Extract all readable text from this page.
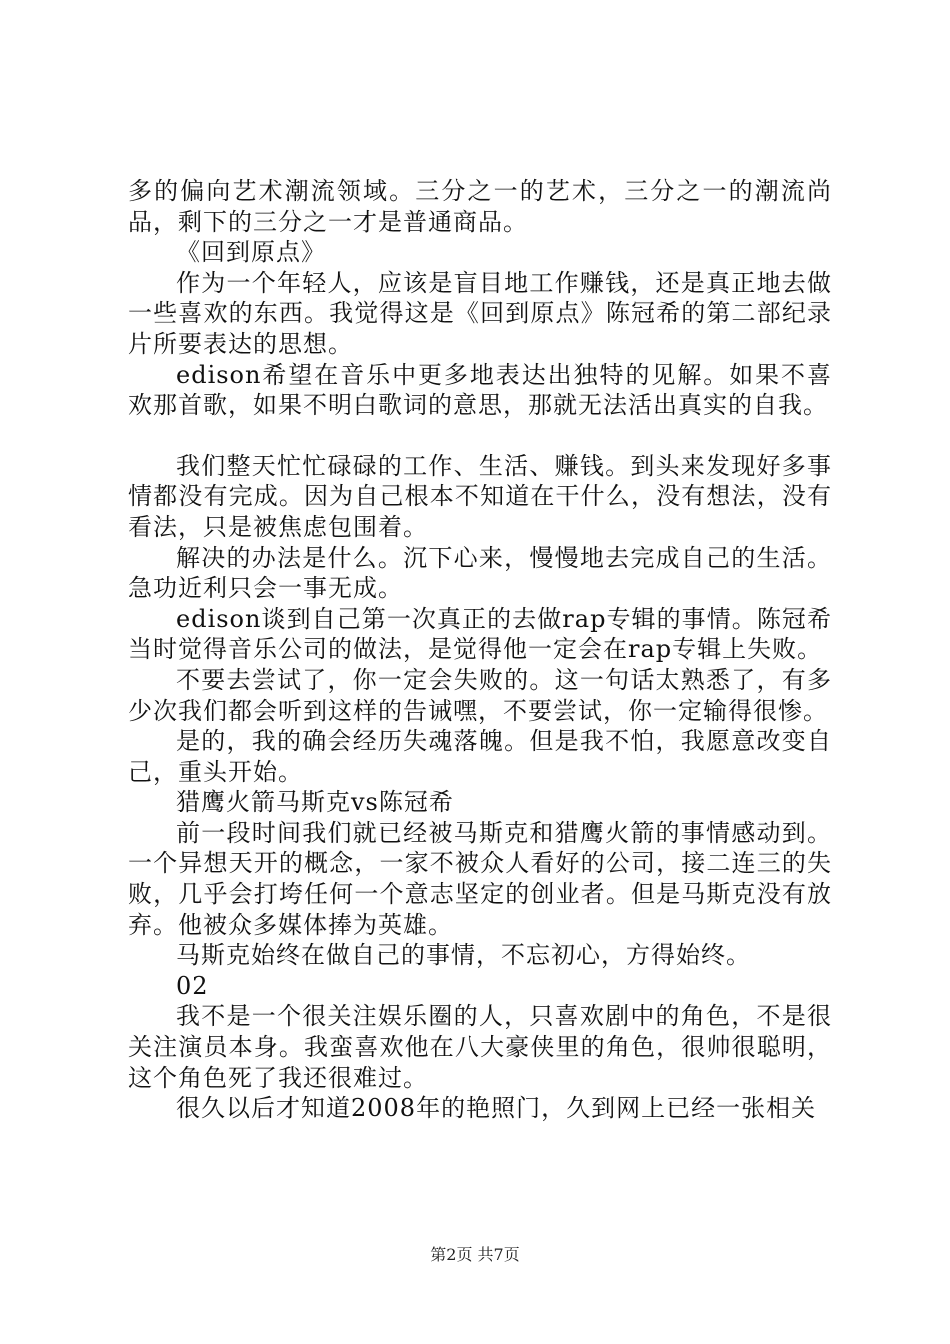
多的偏向艺术潮流领域。三分之一的艺术，三分之一的潮流尚品，剩下的三分之一才是普通商品。

《回到原点》

作为一个年轻人，应该是盲目地工作赚钱，还是真正地去做一些喜欢的东西。我觉得这是《回到原点》陈冠希的第二部纪录片所要表达的思想。

edison希望在音乐中更多地表达出独特的见解。如果不喜欢那首歌，如果不明白歌词的意思，那就无法活出真实的自我。

我们整天忙忙碌碌的工作、生活、赚钱。到头来发现好多事情都没有完成。因为自己根本不知道在干什么，没有想法，没有看法，只是被焦虑包围着。

解决的办法是什么。沉下心来，慢慢地去完成自己的生活。急功近利只会一事无成。

edison谈到自己第一次真正的去做rap专辑的事情。陈冠希当时觉得音乐公司的做法，是觉得他一定会在rap专辑上失败。

不要去尝试了，你一定会失败的。这一句话太熟悉了，有多少次我们都会听到这样的告诫嘿，不要尝试，你一定输得很惨。

是的，我的确会经历失魂落魄。但是我不怕，我愿意改变自己，重头开始。

猎鹰火箭马斯克vs陈冠希

前一段时间我们就已经被马斯克和猎鹰火箭的事情感动到。一个异想天开的概念，一家不被众人看好的公司，接二连三的失败，几乎会打垮任何一个意志坚定的创业者。但是马斯克没有放弃。他被众多媒体捧为英雄。

马斯克始终在做自己的事情，不忘初心，方得始终。

02

我不是一个很关注娱乐圈的人，只喜欢剧中的角色，不是很关注演员本身。我蛮喜欢他在八大豪侠里的角色，很帅很聪明，这个角色死了我还很难过。

很久以后才知道2008年的艳照门，久到网上已经一张相关

第2页 共7页
